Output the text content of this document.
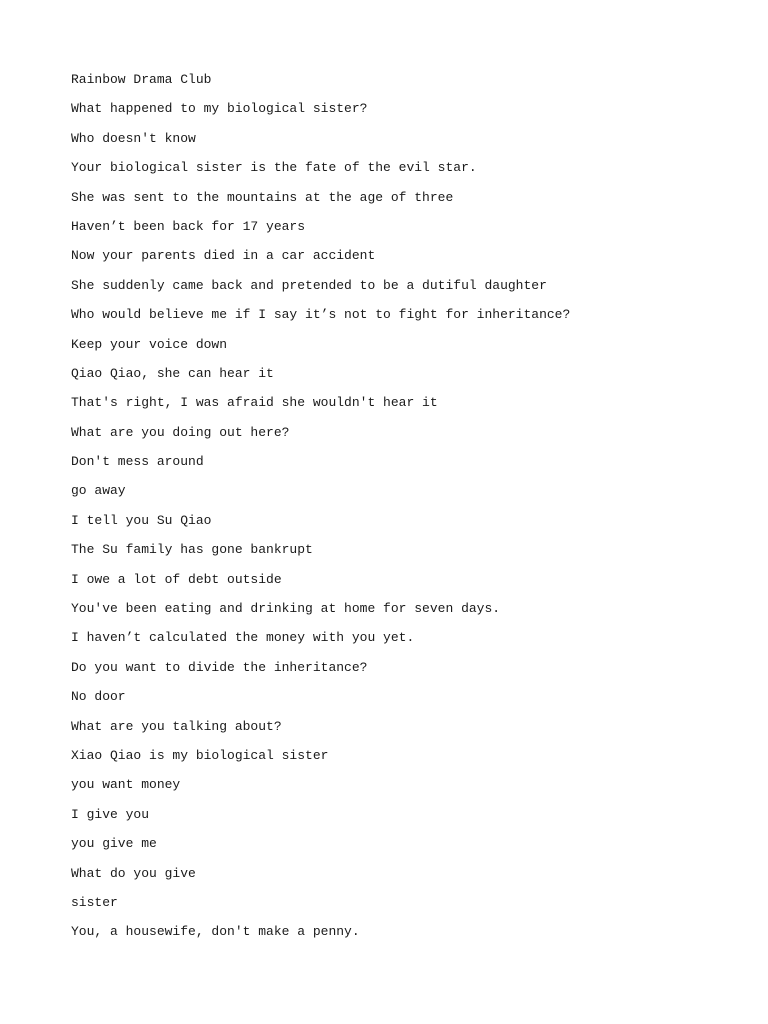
Rainbow Drama Club
What happened to my biological sister?
Who doesn't know
Your biological sister is the fate of the evil star.
She was sent to the mountains at the age of three
Haven’t been back for 17 years
Now your parents died in a car accident
She suddenly came back and pretended to be a dutiful daughter
Who would believe me if I say it’s not to fight for inheritance?
Keep your voice down
Qiao Qiao, she can hear it
That's right, I was afraid she wouldn't hear it
What are you doing out here?
Don't mess around
go away
I tell you Su Qiao
The Su family has gone bankrupt
I owe a lot of debt outside
You've been eating and drinking at home for seven days.
I haven’t calculated the money with you yet.
Do you want to divide the inheritance?
No door
What are you talking about?
Xiao Qiao is my biological sister
you want money
I give you
you give me
What do you give
sister
You, a housewife, don't make a penny.
